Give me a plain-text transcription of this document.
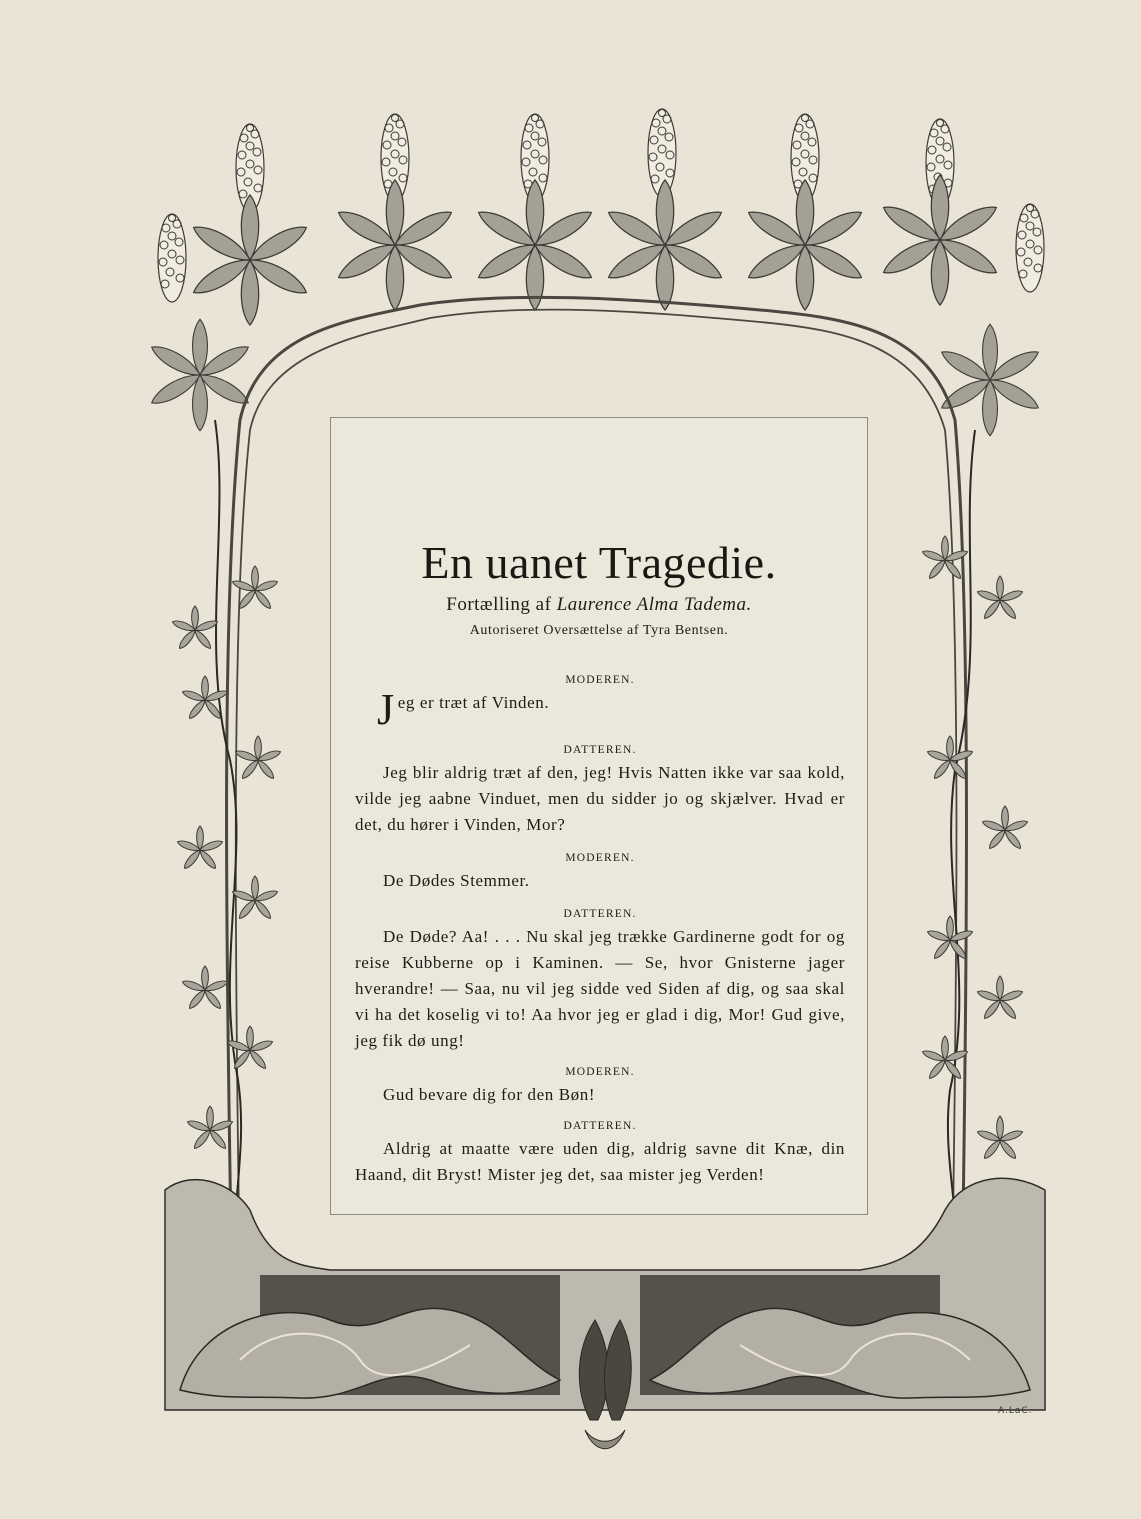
En uanet Tragedie.
Fortælling af Laurence Alma Tadema.
Autoriseret Oversættelse af Tyra Bentsen.
MODEREN.

Jeg er træt af Vinden.

DATTEREN.

Jeg blir aldrig træt af den, jeg! Hvis Natten ikke var saa kold, vilde jeg aabne Vinduet, men du sidder jo og skjælver. Hvad er det, du hører i Vinden, Mor?

MODEREN.

De Dødes Stemmer.

DATTEREN.

De Døde? Aa! . . . Nu skal jeg trække Gardinerne godt for og reise Kubberne op i Kaminen. — Se, hvor Gnisterne jager hverandre! — Saa, nu vil jeg sidde ved Siden af dig, og saa skal vi ha det koselig vi to! Aa hvor jeg er glad i dig, Mor! Gud give, jeg fik dø ung!

MODEREN.

Gud bevare dig for den Bøn!

DATTEREN.

Aldrig at maatte være uden dig, aldrig savne dit Knæ, din Haand, dit Bryst! Mister jeg det, saa mister jeg Verden!

A.LaC.
